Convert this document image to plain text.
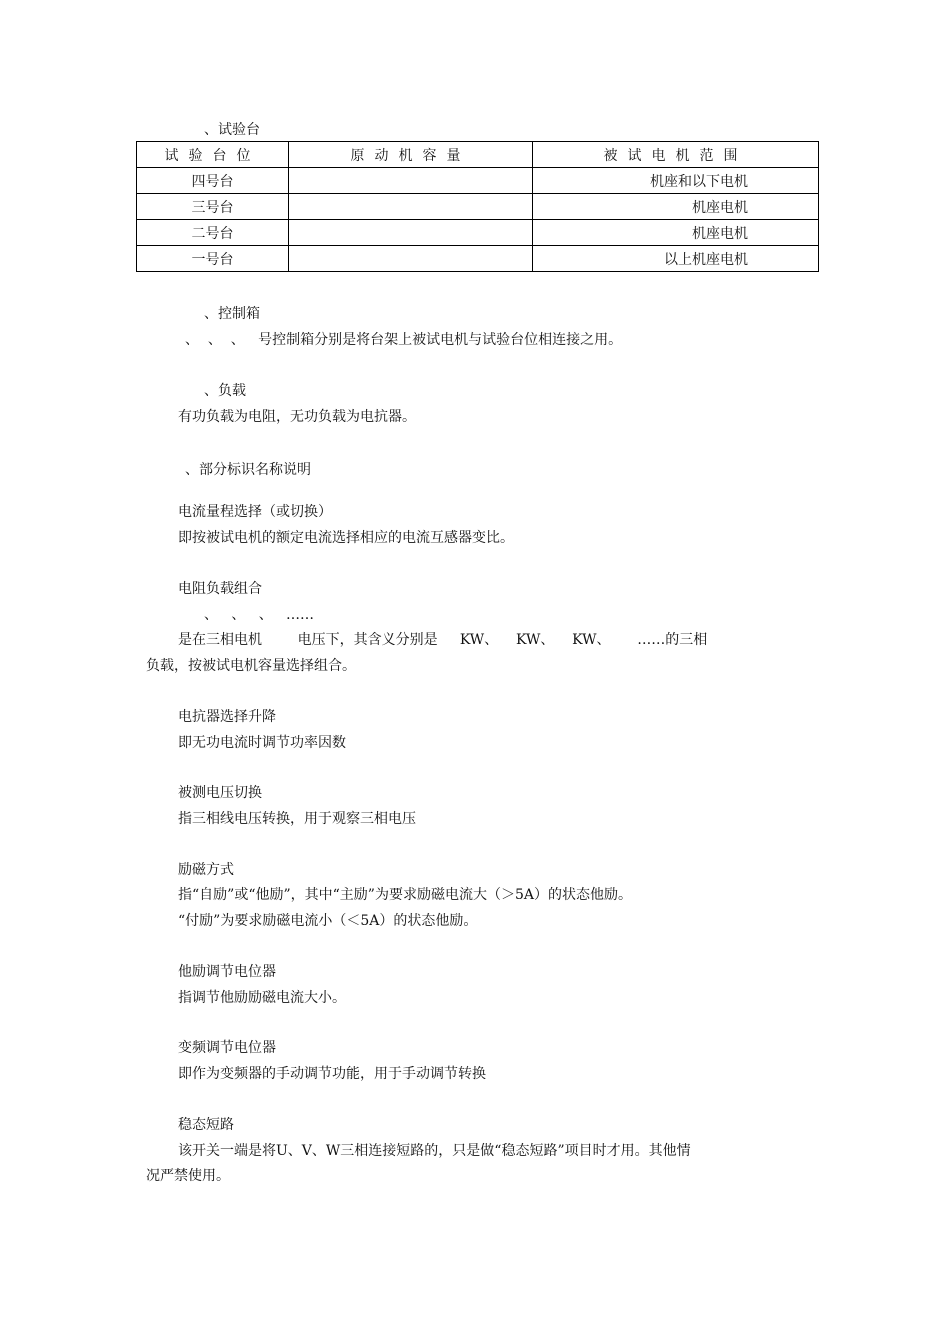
、试验台
试验台位	原动机容量	被试电机范围
四号台		机座和以下电机
三号台		机座电机
二号台		机座电机
一号台		以上机座电机
、控制箱
、  、  、   号控制箱分别是将台架上被试电机与试验台位相连接之用。
、负载
有功负载为电阻，无功负载为电抗器。
、部分标识名称说明
电流量程选择（或切换）
即按被试电机的额定电流选择相应的电流互感器变比。
电阻负载组合
、   、   、   ……
是在三相电机        电压下，其含义分别是     KW、    KW、    KW、      ……的三相
负载，按被试电机容量选择组合。
电抗器选择升降
即无功电流时调节功率因数
被测电压切换
指三相线电压转换，用于观察三相电压
励磁方式
指“自励”或“他励”，其中“主励”为要求励磁电流大（＞5A）的状态他励。
“付励”为要求励磁电流小（＜5A）的状态他励。
他励调节电位器
指调节他励励磁电流大小。
变频调节电位器
即作为变频器的手动调节功能，用于手动调节转换
稳态短路
该开关一端是将U、V、W三相连接短路的，只是做“稳态短路”项目时才用。其他情
况严禁使用。
